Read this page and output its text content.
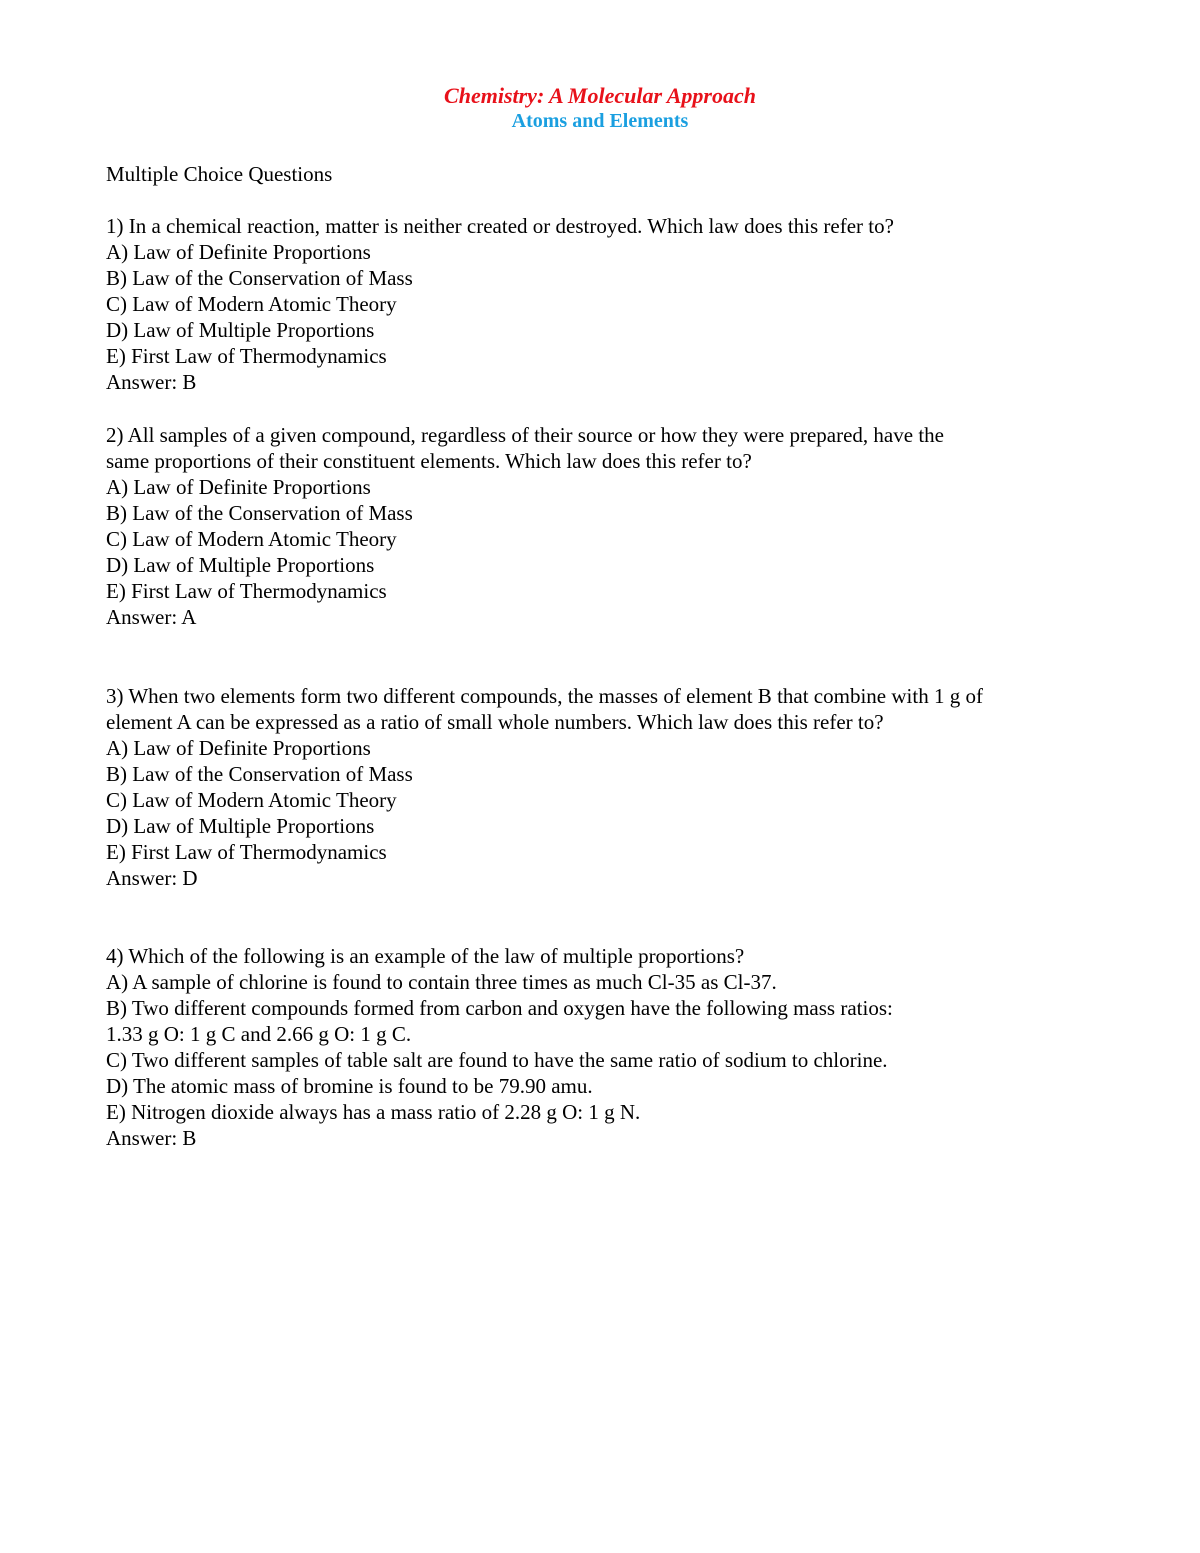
Chemistry: A Molecular Approach
Atoms and Elements
Multiple Choice Questions
1) In a chemical reaction, matter is neither created or destroyed. Which law does this refer to?
A) Law of Definite Proportions
B) Law of the Conservation of Mass
C) Law of Modern Atomic Theory
D) Law of Multiple Proportions
E) First Law of Thermodynamics
Answer: B
2) All samples of a given compound, regardless of their source or how they were prepared, have the
same proportions of their constituent elements. Which law does this refer to?
A) Law of Definite Proportions
B) Law of the Conservation of Mass
C) Law of Modern Atomic Theory
D) Law of Multiple Proportions
E) First Law of Thermodynamics
Answer: A
3) When two elements form two different compounds, the masses of element B that combine with 1 g of
element A can be expressed as a ratio of small whole numbers. Which law does this refer to?
A) Law of Definite Proportions
B) Law of the Conservation of Mass
C) Law of Modern Atomic Theory
D) Law of Multiple Proportions
E) First Law of Thermodynamics
Answer: D
4) Which of the following is an example of the law of multiple proportions?
A) A sample of chlorine is found to contain three times as much Cl-35 as Cl-37.
B) Two different compounds formed from carbon and oxygen have the following mass ratios:
1.33 g O: 1 g C and 2.66 g O: 1 g C.
C) Two different samples of table salt are found to have the same ratio of sodium to chlorine.
D) The atomic mass of bromine is found to be 79.90 amu.
E) Nitrogen dioxide always has a mass ratio of 2.28 g O: 1 g N.
Answer: B
